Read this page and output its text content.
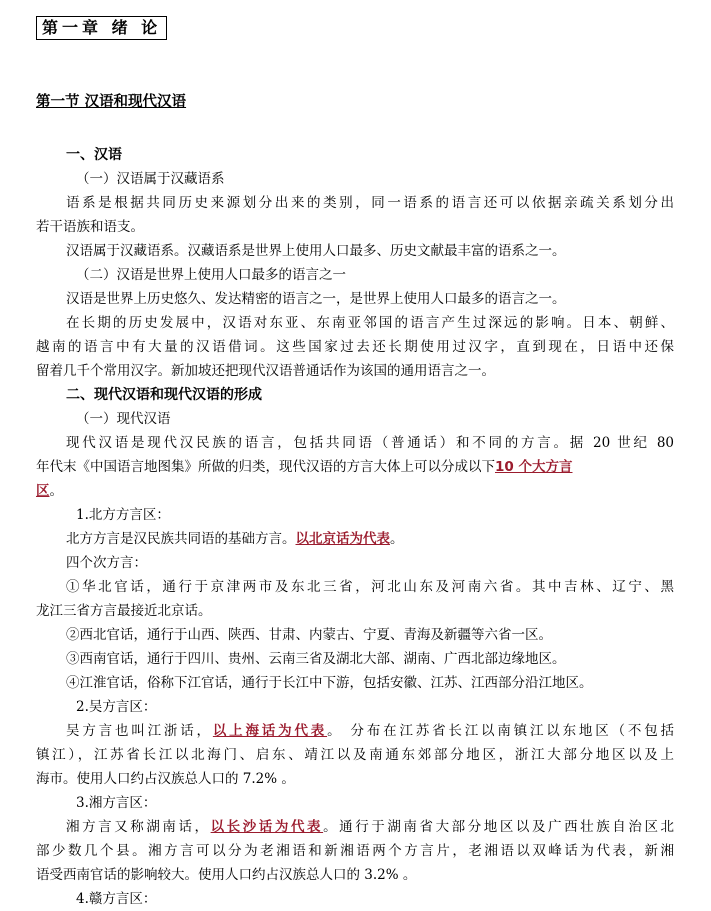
第一章 绪 论
第一节 汉语和现代汉语
一、汉语
（一）汉语属于汉藏语系
语系是根据共同历史来源划分出来的类别，同一语系的语言还可以依据亲疏关系划分出
若干语族和语支。
汉语属于汉藏语系。汉藏语系是世界上使用人口最多、历史文献最丰富的语系之一。
（二）汉语是世界上使用人口最多的语言之一
汉语是世界上历史悠久、发达精密的语言之一，是世界上使用人口最多的语言之一。
在长期的历史发展中，汉语对东亚、东南亚邻国的语言产生过深远的影响。日本、朝鲜、
越南的语言中有大量的汉语借词。这些国家过去还长期使用过汉字，直到现在，日语中还保
留着几千个常用汉字。新加坡还把现代汉语普通话作为该国的通用语言之一。
二、现代汉语和现代汉语的形成
（一）现代汉语
现代汉语是现代汉民族的语言，包括共同语（普通话）和不同的方言。据 20 世纪 80
年代末《中国语言地图集》所做的归类，现代汉语的方言大体上可以分成以下10 个大方言
区。
1.北方方言区：
北方方言是汉民族共同语的基础方言。以北京话为代表。
四个次方言：
①华北官话，通行于京津两市及东北三省，河北山东及河南六省。其中吉林、辽宁、黑
龙江三省方言最接近北京话。
②西北官话，通行于山西、陕西、甘肃、内蒙古、宁夏、青海及新疆等六省一区。
③西南官话，通行于四川、贵州、云南三省及湖北大部、湖南、广西北部边缘地区。
④江淮官话，俗称下江官话，通行于长江中下游，包括安徽、江苏、江西部分沿江地区。
2.吴方言区：
吴方言也叫江浙话，以上海话为代表。 分布在江苏省长江以南镇江以东地区（不包括
镇江），江苏省长江以北海门、启东、靖江以及南通东郊部分地区，浙江大部分地区以及上
海市。使用人口约占汉族总人口的 7.2% 。
3.湘方言区：
湘方言又称湖南话，以长沙话为代表。通行于湖南省大部分地区以及广西壮族自治区北
部少数几个县。湘方言可以分为老湘语和新湘语两个方言片，老湘语以双峰话为代表，新湘
语受西南官话的影响较大。使用人口约占汉族总人口的 3.2% 。
4.赣方言区：
